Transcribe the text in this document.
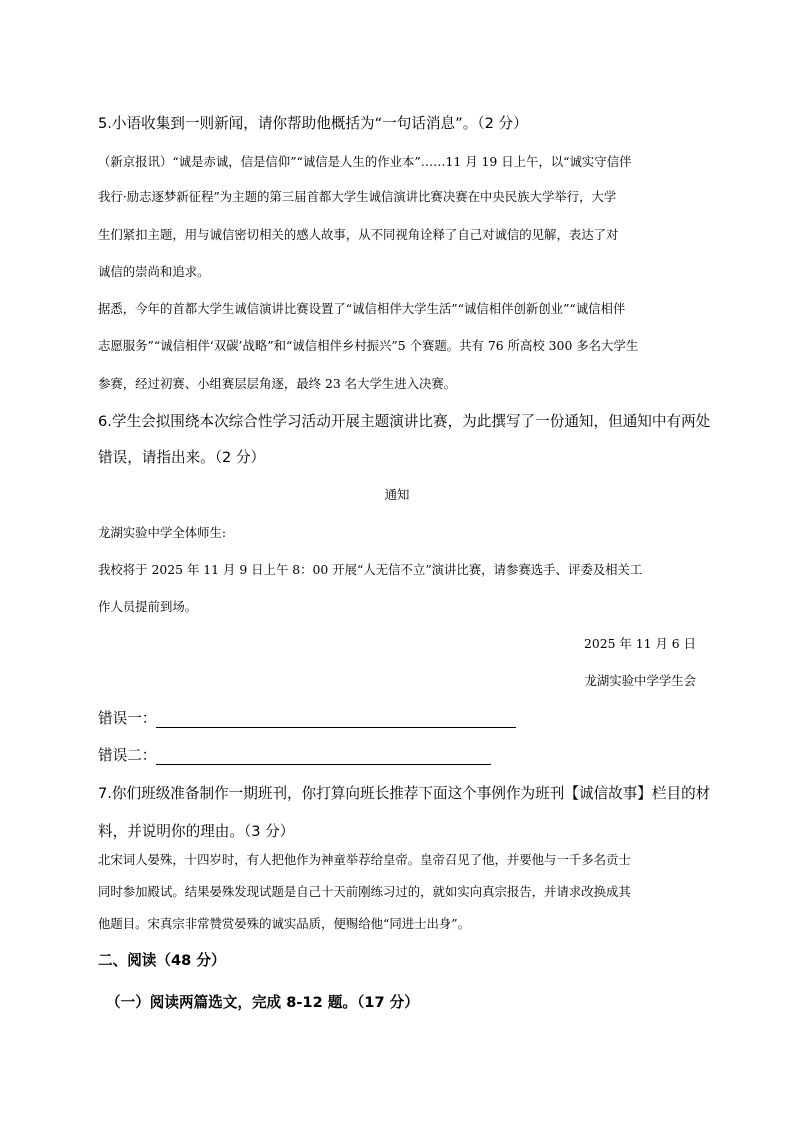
5.小语收集到一则新闻，请你帮助他概括为“一句话消息”。（2 分）
（新京报讯）“诚是赤诚，信是信仰”“诚信是人生的作业本”……11 月 19 日上午，以“诚实守信伴
我行·励志逐梦新征程”为主题的第三届首都大学生诚信演讲比赛决赛在中央民族大学举行，大学
生们紧扣主题，用与诚信密切相关的感人故事，从不同视角诠释了自己对诚信的见解，表达了对
诚信的崇尚和追求。
据悉，今年的首都大学生诚信演讲比赛设置了“诚信相伴大学生活”“诚信相伴创新创业”“诚信相伴
志愿服务”“诚信相伴‘双碳’战略”和“诚信相伴乡村振兴”5 个赛题。共有 76 所高校 300 多名大学生
参赛，经过初赛、小组赛层层角逐，最终 23 名大学生进入决赛。
6.学生会拟围绕本次综合性学习活动开展主题演讲比赛，为此撰写了一份通知，但通知中有两处
错误，请指出来。（2 分）
通知
龙湖实验中学全体师生:
我校将于 2025 年 11 月 9 日上午 8：00 开展“人无信不立”演讲比赛，请参赛选手、评委及相关工
作人员提前到场。
2025 年 11 月 6 日
龙湖实验中学学生会
错误一：
错误二：
7.你们班级准备制作一期班刊，你打算向班长推荐下面这个事例作为班刊【诚信故事】栏目的材
料，并说明你的理由。（3 分）
北宋词人晏殊，十四岁时，有人把他作为神童举荐给皇帝。皇帝召见了他，并要他与一千多名贡士
同时参加殿试。结果晏殊发现试题是自己十天前刚练习过的，就如实向真宗报告，并请求改换成其
他题目。宋真宗非常赞赏晏殊的诚实品质，便赐给他“同进士出身”。
二、阅读（48 分）
（一）阅读两篇选文，完成 8-12 题。（17 分）
